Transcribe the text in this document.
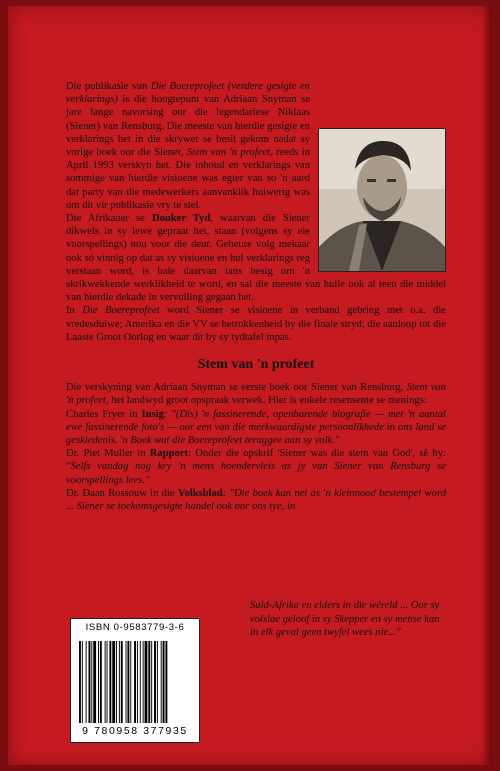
Die publikasie van Die Boereprofeet (verdere gesigte en verklarings) is die hoogtepunt van Adriaan Snyman se jare lange navorsing oor die legendariese Niklaas (Siener) van Rensburg. Die meeste van hierdie gesigte en verklarings het in die skrywer se besit gekom nadat sy vorige boek oor die Siener, Stem van 'n profeet, reeds in April 1993 verskyn het. Die inhoud en verklarings van sommige van hierdie visioene was egter van so 'n aard dat party van die medewerkers aanvanklik huiwerig was om dit vir publikasie vry te stel.

Die Afrikaner se Donker Tyd, waarvan die Siener dikwels in sy lewe gepraat het, staan (volgens sy eie voorspellings) nou voor die deur. Gebeure volg mekaar ook só vinnig op dat as sy visioene en hul verklarings reg verstaan word, is baie daarvan tans besig om 'n skrikwekkende werklikheid te word, en sal die meeste van hulle ook al teen die middel van hierdie dekade in vervulling gegaan het.

In Die Boereprofeet word Siener se visioene in verband gebring met o.a. die vredesduiwe; Amerika en die VV se betrokkenheid by die finale stryd; die aanloop tot die Laaste Groot Oorlog en waar dit by sy tydtafel inpas.

Stem van 'n profeet

Die verskyning van Adriaan Snyman se eerste boek oor Siener van Rensburg, Stem van 'n profeet, het landwyd groot opspraak verwek. Hier is enkele resensente se menings:

Charles Fryer in Insig: "(Dis) 'n fassinerende, openbarende biografie — met 'n aantal ewe fassinerende foto's — oor een van die merkwaardigste persoonlikhede in ons land se geskiedenis. 'n Boek wat die Boereprofeet teruggee aan sy volk."

Dr. Piet Muller in Rapport: Onder die opskrif 'Siener was die stem van God', sê hy: "Selfs vandag nog kry 'n mens hoendervleis as jy van Siener van Rensburg se voorspellings lees."

Dr. Daan Rossouw in die Volksblad: "Die boek kan net as 'n kleinnood bestempel word ... Siener se toekomsgesigte handel ook oor ons tye, in

Suid-Afrika en elders in die wêreld ... Oor sy volslae geloof in sy Skepper en sy mense kan in elk geval geen twyfel wees nie..."
ISBN 0-9583779-3-6
9 780958 377935
